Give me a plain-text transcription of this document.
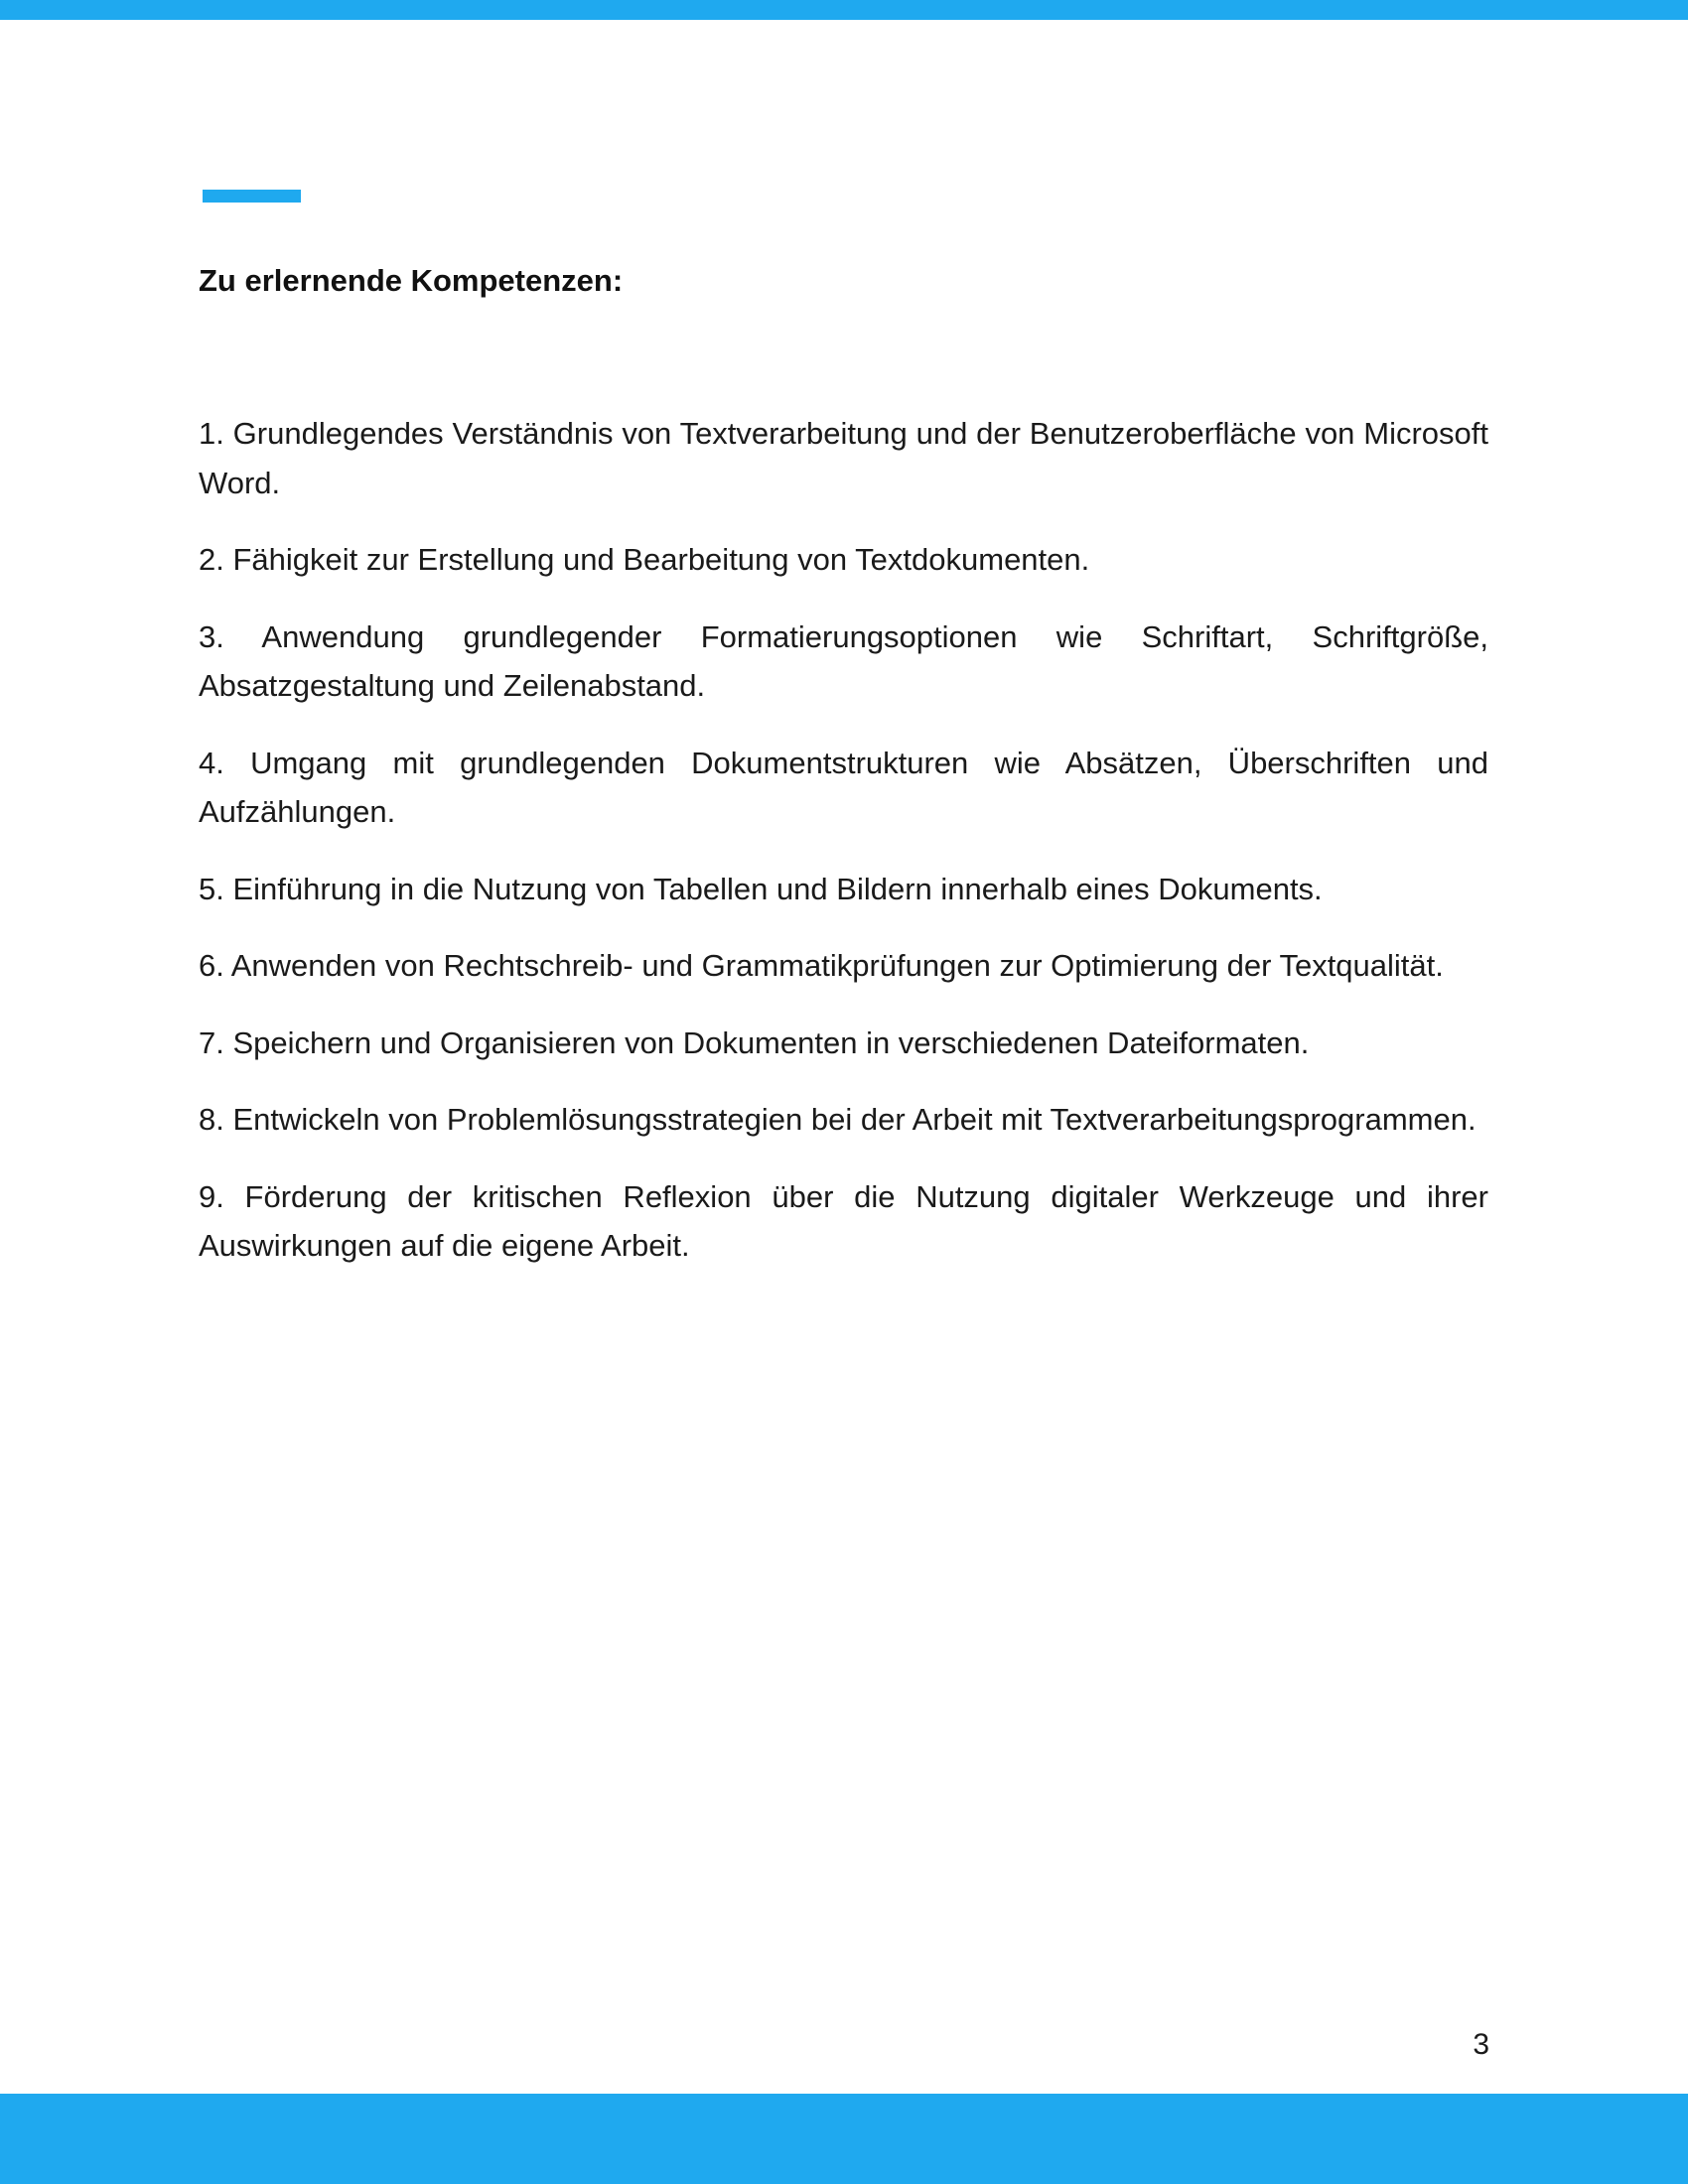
Zu erlernende Kompetenzen:
1. Grundlegendes Verständnis von Textverarbeitung und der Benutzeroberfläche von Microsoft Word.
2. Fähigkeit zur Erstellung und Bearbeitung von Textdokumenten.
3. Anwendung grundlegender Formatierungsoptionen wie Schriftart, Schriftgröße, Absatzgestaltung und Zeilenabstand.
4. Umgang mit grundlegenden Dokumentstrukturen wie Absätzen, Überschriften und Aufzählungen.
5. Einführung in die Nutzung von Tabellen und Bildern innerhalb eines Dokuments.
6. Anwenden von Rechtschreib- und Grammatikprüfungen zur Optimierung der Textqualität.
7. Speichern und Organisieren von Dokumenten in verschiedenen Dateiformaten.
8. Entwickeln von Problemlösungsstrategien bei der Arbeit mit Textverarbeitungsprogrammen.
9. Förderung der kritischen Reflexion über die Nutzung digitaler Werkzeuge und ihrer Auswirkungen auf die eigene Arbeit.
3
